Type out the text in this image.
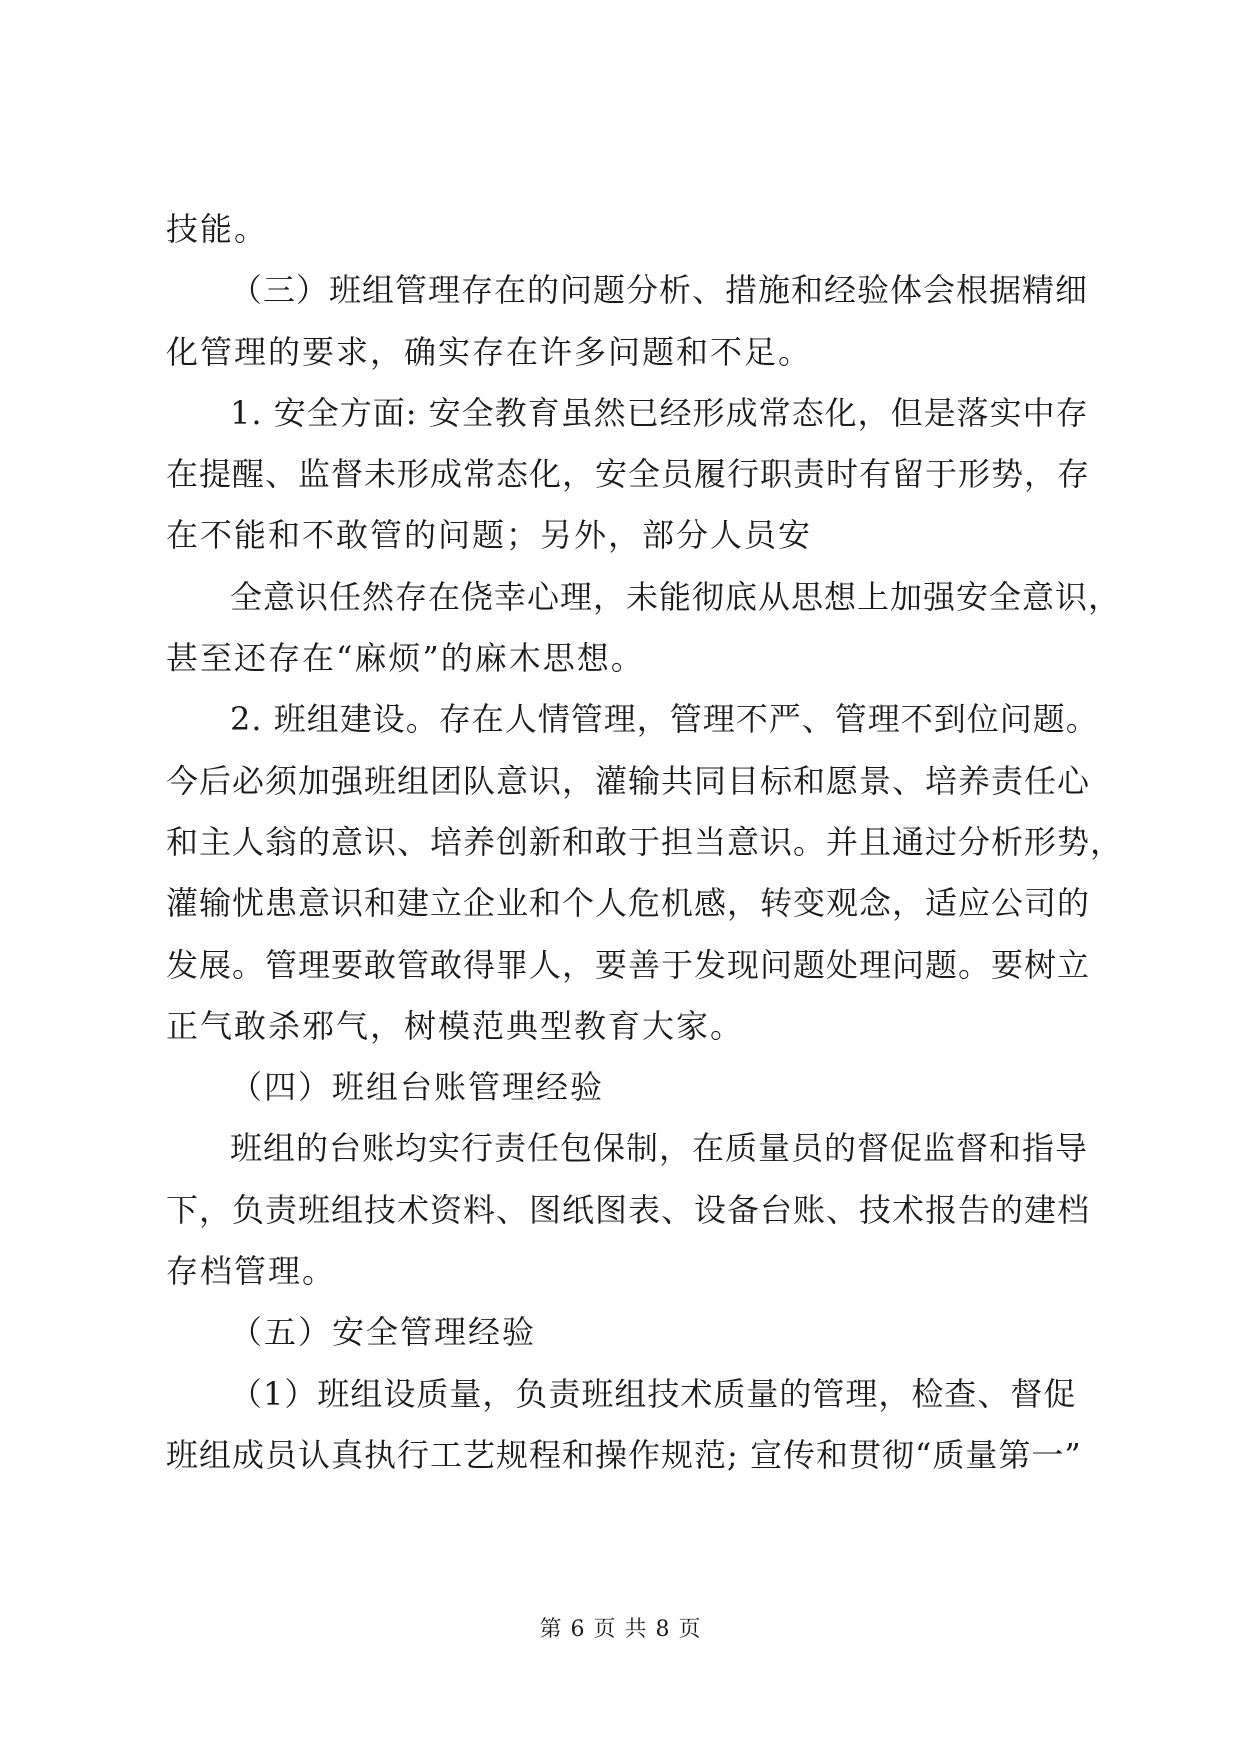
技能。
（三）班组管理存在的问题分析、措施和经验体会根据精细
化管理的要求，确实存在许多问题和不足。
1. 安全方面: 安全教育虽然已经形成常态化，但是落实中存
在提醒、监督未形成常态化，安全员履行职责时有留于形势，存
在不能和不敢管的问题；另外，部分人员安
全意识任然存在侥幸心理，未能彻底从思想上加强安全意识，
甚至还存在“麻烦”的麻木思想。
2. 班组建设。存在人情管理，管理不严、管理不到位问题。
今后必须加强班组团队意识，灌输共同目标和愿景、培养责任心
和主人翁的意识、培养创新和敢于担当意识。并且通过分析形势，
灌输忧患意识和建立企业和个人危机感，转变观念，适应公司的
发展。管理要敢管敢得罪人，要善于发现问题处理问题。要树立
正气敢杀邪气，树模范典型教育大家。
（四）班组台账管理经验
班组的台账均实行责任包保制，在质量员的督促监督和指导
下，负责班组技术资料、图纸图表、设备台账、技术报告的建档
存档管理。
（五）安全管理经验
（1）班组设质量，负责班组技术质量的管理，检查、督促
班组成员认真执行工艺规程和操作规范; 宣传和贯彻“质量第一”
第 6 页 共 8 页
